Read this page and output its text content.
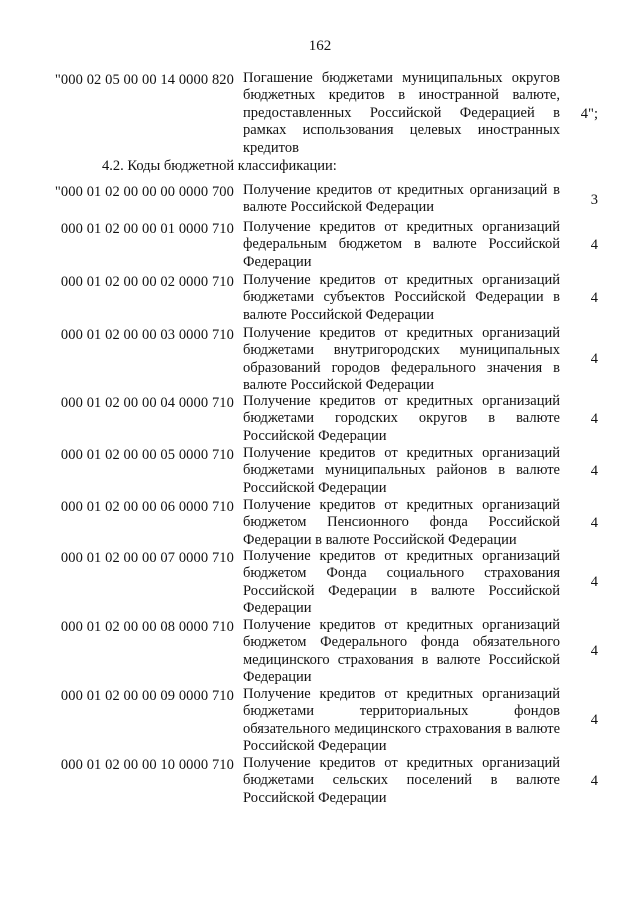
162
"000 02 05 00 00 14 0000 820 Погашение бюджетами муниципальных округов бюджетных кредитов в иностранной валюте, предоставленных Российской Федерацией в рамках использования целевых иностранных кредитов
4";
4.2. Коды бюджетной классификации:
"000 01 02 00 00 00 0000 700 Получение кредитов от кредитных организаций в валюте Российской Федерации	3
000 01 02 00 00 01 0000 710 Получение кредитов от кредитных организаций федеральным бюджетом в валюте Российской Федерации
4
000 01 02 00 00 02 0000 710 Получение кредитов от кредитных организаций бюджетами субъектов Российской Федерации в валюте Российской Федерации
4
000 01 02 00 00 03 0000 710 Получение кредитов от кредитных организаций бюджетами внутригородских муниципальных образований городов федерального значения в валюте Российской Федерации
4
000 01 02 00 00 04 0000 710 Получение кредитов от кредитных организаций бюджетами городских округов в валюте Российской Федерации
4
000 01 02 00 00 05 0000 710 Получение кредитов от кредитных организаций бюджетами муниципальных районов в валюте Российской Федерации
4
000 01 02 00 00 06 0000 710 Получение кредитов от кредитных организаций бюджетом Пенсионного фонда Российской Федерации в валюте Российской Федерации
4
000 01 02 00 00 07 0000 710 Получение кредитов от кредитных организаций бюджетом Фонда социального страхования Российской Федерации в валюте Российской Федерации
4
000 01 02 00 00 08 0000 710 Получение кредитов от кредитных организаций бюджетом Федерального фонда обязательного медицинского страхования в валюте Российской Федерации
4
000 01 02 00 00 09 0000 710 Получение кредитов от кредитных организаций бюджетами территориальных фондов обязательного медицинского страхования в валюте Российской Федерации
4
000 01 02 00 00 10 0000 710 Получение кредитов от кредитных организаций бюджетами сельских поселений в валюте Российской Федерации
4
